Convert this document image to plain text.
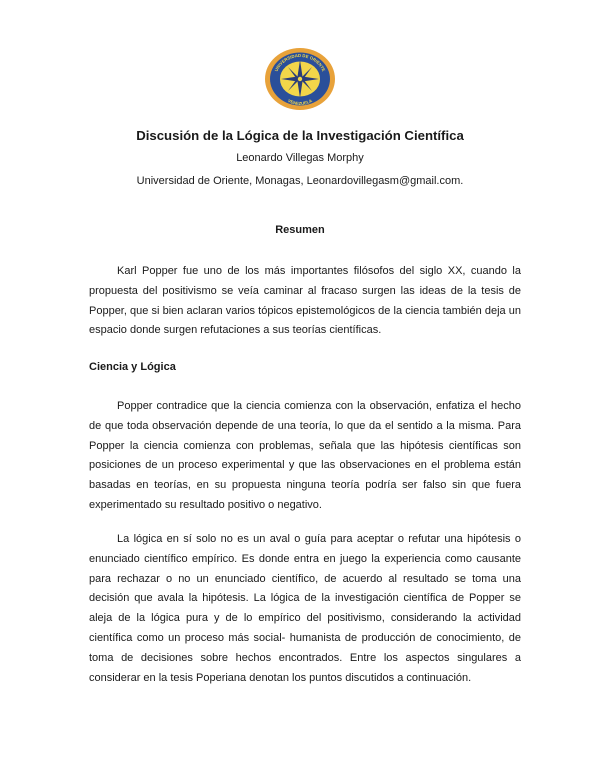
UNIVERSIDAD DE ORIENTE
VENEZUELA
Discusión de la Lógica de la Investigación Científica

Leonardo Villegas Morphy

Universidad de Oriente, Monagas, Leonardovillegasm@gmail.com.

Resumen

Karl Popper fue uno de los más importantes filósofos del siglo XX, cuando la propuesta del positivismo se veía caminar al fracaso surgen las ideas de la tesis de Popper, que si bien aclaran varios tópicos epistemológicos de la ciencia también deja un espacio donde surgen refutaciones a sus teorías científicas.

Ciencia y Lógica

Popper contradice que la ciencia comienza con la observación, enfatiza el hecho de que toda observación depende de una teoría, lo que da el sentido a la misma. Para Popper la ciencia comienza con problemas, señala que las hipótesis científicas son posiciones de un proceso experimental y que las observaciones en el problema están basadas en teorías, en su propuesta ninguna teoría podría ser falso sin que fuera experimentado su resultado positivo o negativo.

La lógica en sí solo no es un aval o guía para aceptar o refutar una hipótesis o enunciado científico empírico. Es donde entra en juego la experiencia como causante para rechazar o no un enunciado científico, de acuerdo al resultado se toma una decisión que avala la hipótesis. La lógica de la investigación científica de Popper se aleja de la lógica pura y de lo empírico del positivismo, considerando la actividad científica como un proceso más social- humanista de producción de conocimiento, de toma de decisiones sobre hechos encontrados. Entre los aspectos singulares a considerar en la tesis Poperiana denotan los puntos discutidos a continuación.
